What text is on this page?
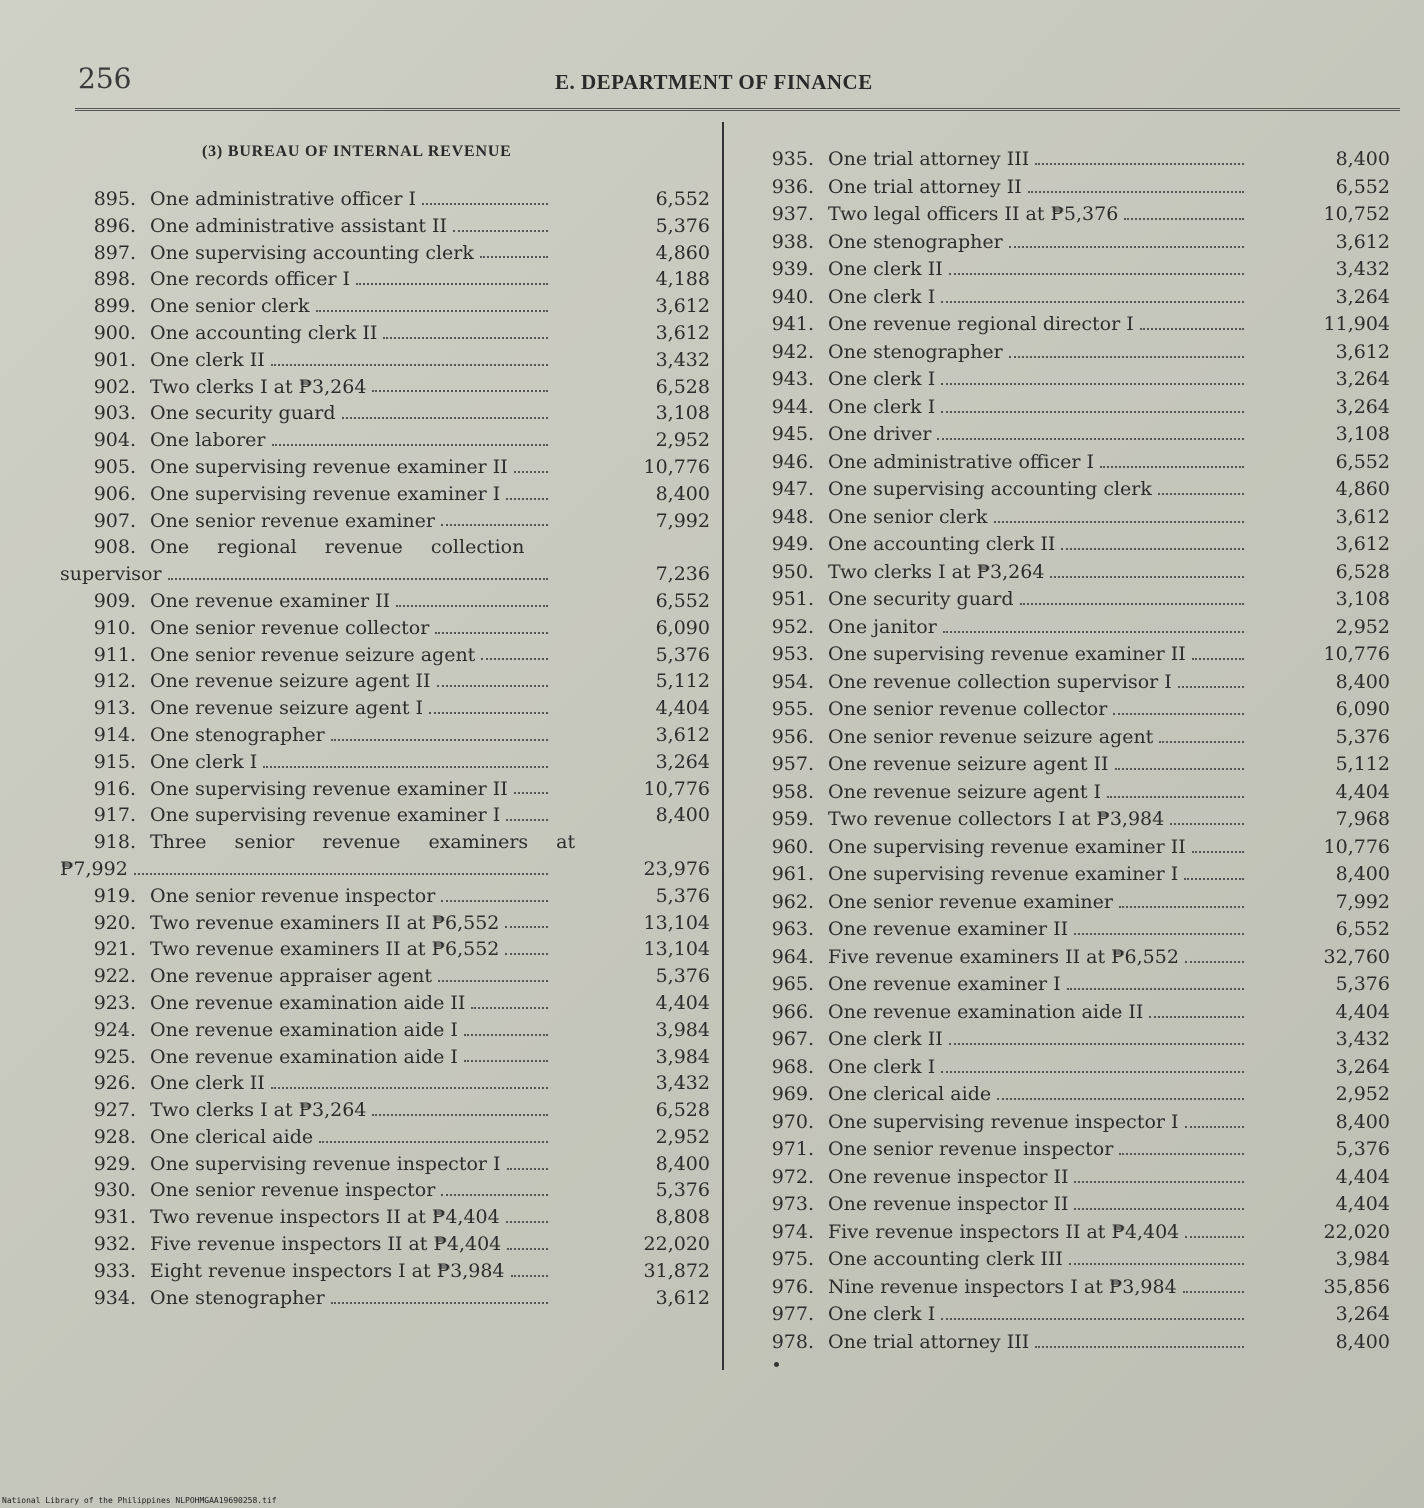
256	E. DEPARTMENT OF FINANCE
(3) BUREAU OF INTERNAL REVENUE
895. One administrative officer I	6,552
896. One administrative assistant II	5,376
897. One supervising accounting clerk	4,860
898. One records officer I	4,188
899. One senior clerk	3,612
900. One accounting clerk II	3,612
901. One clerk II	3,432
902. Two clerks I at ₱3,264	6,528
903. One security guard	3,108
904. One laborer	2,952
905. One supervising revenue examiner II	10,776
906. One supervising revenue examiner I	8,400
907. One senior revenue examiner	7,992
908. One regional revenue collection
supervisor	7,236
909. One revenue examiner II	6,552
910. One senior revenue collector	6,090
911. One senior revenue seizure agent	5,376
912. One revenue seizure agent II	5,112
913. One revenue seizure agent I	4,404
914. One stenographer	3,612
915. One clerk I	3,264
916. One supervising revenue examiner II	10,776
917. One supervising revenue examiner I	8,400
918. Three senior revenue examiners at
₱7,992	23,976
919. One senior revenue inspector	5,376
920. Two revenue examiners II at ₱6,552	13,104
921. Two revenue examiners II at ₱6,552	13,104
922. One revenue appraiser agent	5,376
923. One revenue examination aide II	4,404
924. One revenue examination aide I	3,984
925. One revenue examination aide I	3,984
926. One clerk II	3,432
927. Two clerks I at ₱3,264	6,528
928. One clerical aide	2,952
929. One supervising revenue inspector I	8,400
930. One senior revenue inspector	5,376
931. Two revenue inspectors II at ₱4,404	8,808
932. Five revenue inspectors II at ₱4,404	22,020
933. Eight revenue inspectors I at ₱3,984	31,872
934. One stenographer	3,612
935. One trial attorney III	8,400
936. One trial attorney II	6,552
937. Two legal officers II at ₱5,376	10,752
938. One stenographer	3,612
939. One clerk II	3,432
940. One clerk I	3,264
941. One revenue regional director I	11,904
942. One stenographer	3,612
943. One clerk I	3,264
944. One clerk I	3,264
945. One driver	3,108
946. One administrative officer I	6,552
947. One supervising accounting clerk	4,860
948. One senior clerk	3,612
949. One accounting clerk II	3,612
950. Two clerks I at ₱3,264	6,528
951. One security guard	3,108
952. One janitor	2,952
953. One supervising revenue examiner II	10,776
954. One revenue collection supervisor I	8,400
955. One senior revenue collector	6,090
956. One senior revenue seizure agent	5,376
957. One revenue seizure agent II	5,112
958. One revenue seizure agent I	4,404
959. Two revenue collectors I at ₱3,984	7,968
960. One supervising revenue examiner II	10,776
961. One supervising revenue examiner I	8,400
962. One senior revenue examiner	7,992
963. One revenue examiner II	6,552
964. Five revenue examiners II at ₱6,552	32,760
965. One revenue examiner I	5,376
966. One revenue examination aide II	4,404
967. One clerk II	3,432
968. One clerk I	3,264
969. One clerical aide	2,952
970. One supervising revenue inspector I	8,400
971. One senior revenue inspector	5,376
972. One revenue inspector II	4,404
973. One revenue inspector II	4,404
974. Five revenue inspectors II at ₱4,404	22,020
975. One accounting clerk III	3,984
976. Nine revenue inspectors I at ₱3,984	35,856
977. One clerk I	3,264
978. One trial attorney III	8,400
National Library of the Philippines NLPOHMGAA19690258.tif
